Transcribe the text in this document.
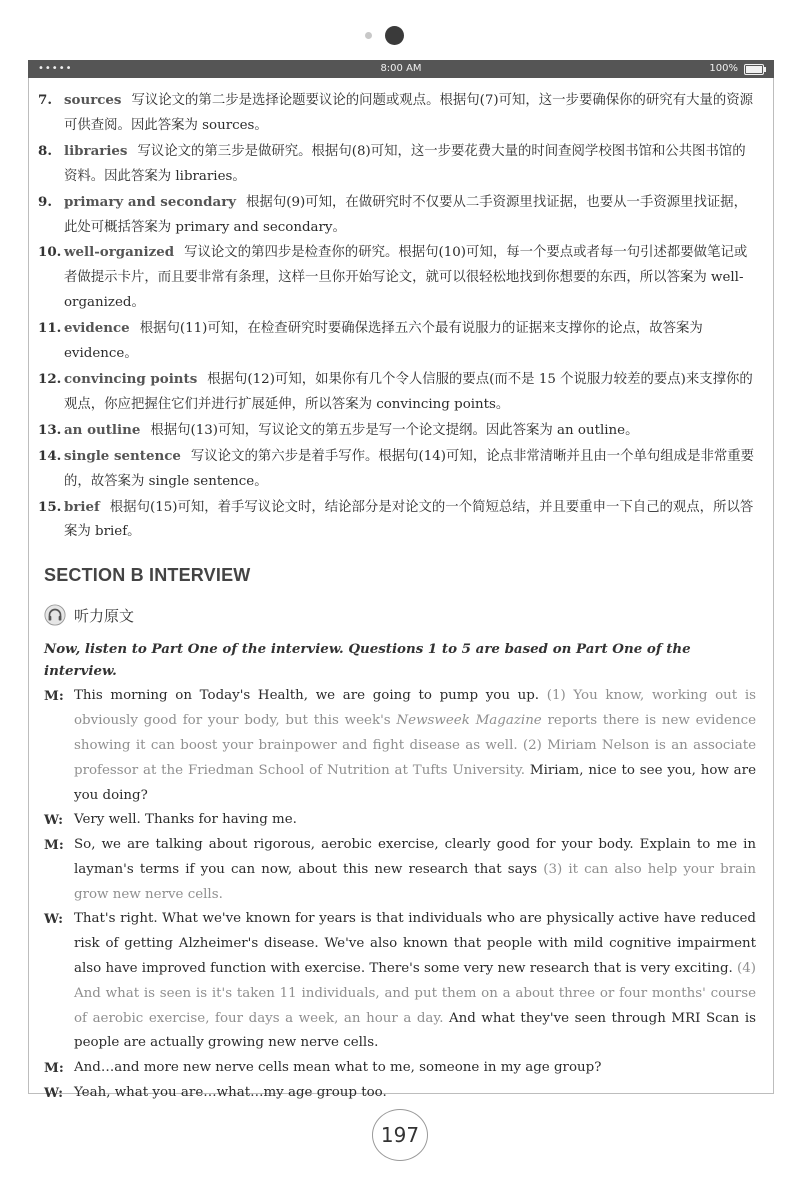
•••••	8:00 AM	100%
7. sources 写议论文的第二步是选择论题要议论的问题或观点。根据句(7)可知，这一步要确保你的研究有大量的资源可供查阅。因此答案为 sources。
8. libraries 写议论文的第三步是做研究。根据句(8)可知，这一步要花费大量的时间查阅学校图书馆和公共图书馆的资料。因此答案为 libraries。
9. primary and secondary 根据句(9)可知，在做研究时不仅要从二手资源里找证据，也要从一手资源里找证据，此处可概括答案为 primary and secondary。
10. well-organized 写议论文的第四步是检查你的研究。根据句(10)可知，每一个要点或者每一句引述都要做笔记或者做提示卡片，而且要非常有条理，这样一旦你开始写论文，就可以很轻松地找到你想要的东西，所以答案为 well-organized。
11. evidence 根据句(11)可知，在检查研究时要确保选择五六个最有说服力的证据来支撑你的论点，故答案为 evidence。
12. convincing points 根据句(12)可知，如果你有几个令人信服的要点(而不是 15 个说服力较差的要点)来支撑你的观点，你应把握住它们并进行扩展延伸，所以答案为 convincing points。
13. an outline 根据句(13)可知，写议论文的第五步是写一个论文提纲。因此答案为 an outline。
14. single sentence 写议论文的第六步是着手写作。根据句(14)可知，论点非常清晰并且由一个单句组成是非常重要的，故答案为 single sentence。
15. brief 根据句(15)可知，着手写议论文时，结论部分是对论文的一个简短总结，并且要重申一下自己的观点，所以答案为 brief。
SECTION B INTERVIEW
听力原文
Now, listen to Part One of the interview. Questions 1 to 5 are based on Part One of the interview.
M: This morning on Today's Health, we are going to pump you up. (1) You know, working out is obviously good for your body, but this week's Newsweek Magazine reports there is new evidence showing it can boost your brainpower and fight disease as well. (2) Miriam Nelson is an associate professor at the Friedman School of Nutrition at Tufts University. Miriam, nice to see you, how are you doing?
W: Very well. Thanks for having me.
M: So, we are talking about rigorous, aerobic exercise, clearly good for your body. Explain to me in layman's terms if you can now, about this new research that says (3) it can also help your brain grow new nerve cells.
W: That's right. What we've known for years is that individuals who are physically active have reduced risk of getting Alzheimer's disease. We've also known that people with mild cognitive impairment also have improved function with exercise. There's some very new research that is very exciting. (4) And what is seen is it's taken 11 individuals, and put them on a about three or four months' course of aerobic exercise, four days a week, an hour a day. And what they've seen through MRI Scan is people are actually growing new nerve cells.
M: And…and more new nerve cells mean what to me, someone in my age group?
W: Yeah, what you are…what…my age group too.
197
